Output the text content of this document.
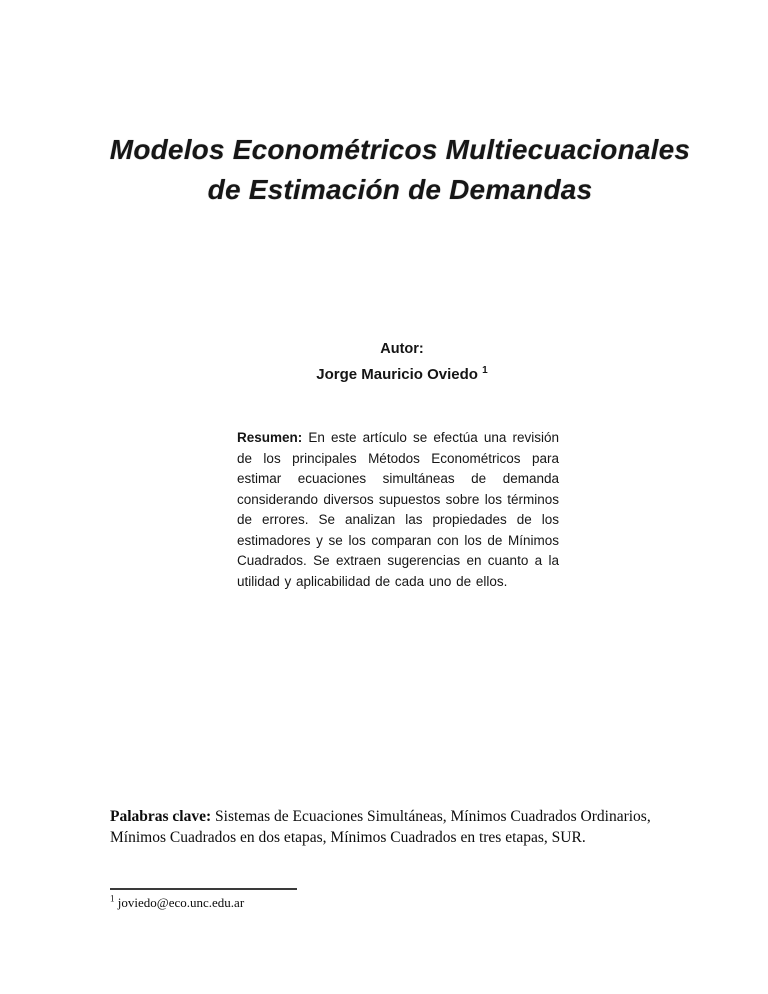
Modelos Econométricos Multiecuacionales
de Estimación de Demandas
Autor:
Jorge Mauricio Oviedo $^1$
Resumen: En este artículo se efectúa una revisión de los principales Métodos Econométricos para estimar ecuaciones simultáneas de demanda considerando diversos supuestos sobre los términos de errores. Se analizan las propiedades de los estimadores y se los comparan con los de Mínimos Cuadrados. Se extraen sugerencias en cuanto a la utilidad y aplicabilidad de cada uno de ellos.
Palabras clave: Sistemas de Ecuaciones Simultáneas, Mínimos Cuadrados Ordinarios, Mínimos Cuadrados en dos etapas, Mínimos Cuadrados en tres etapas, SUR.
$^1$ joviedo@eco.unc.edu.ar
